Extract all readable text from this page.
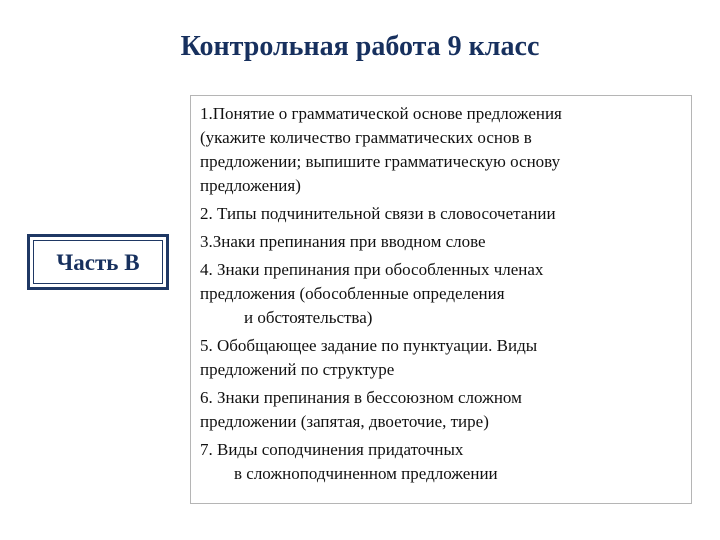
Контрольная работа 9 класс
Часть В
1.Понятие о грамматической основе предложения
(укажите количество грамматических основ в
предложении; выпишите грамматическую основу
предложения)
2. Типы подчинительной связи в словосочетании
3.Знаки препинания при вводном слове
4. Знаки препинания при обособленных членах
предложения (обособленные определения
и обстоятельства)
5. Обобщающее задание по пунктуации. Виды
предложений по структуре
6. Знаки препинания в бессоюзном сложном
предложении (запятая, двоеточие, тире)
7. Виды соподчинения придаточных
в сложноподчиненном предложении
